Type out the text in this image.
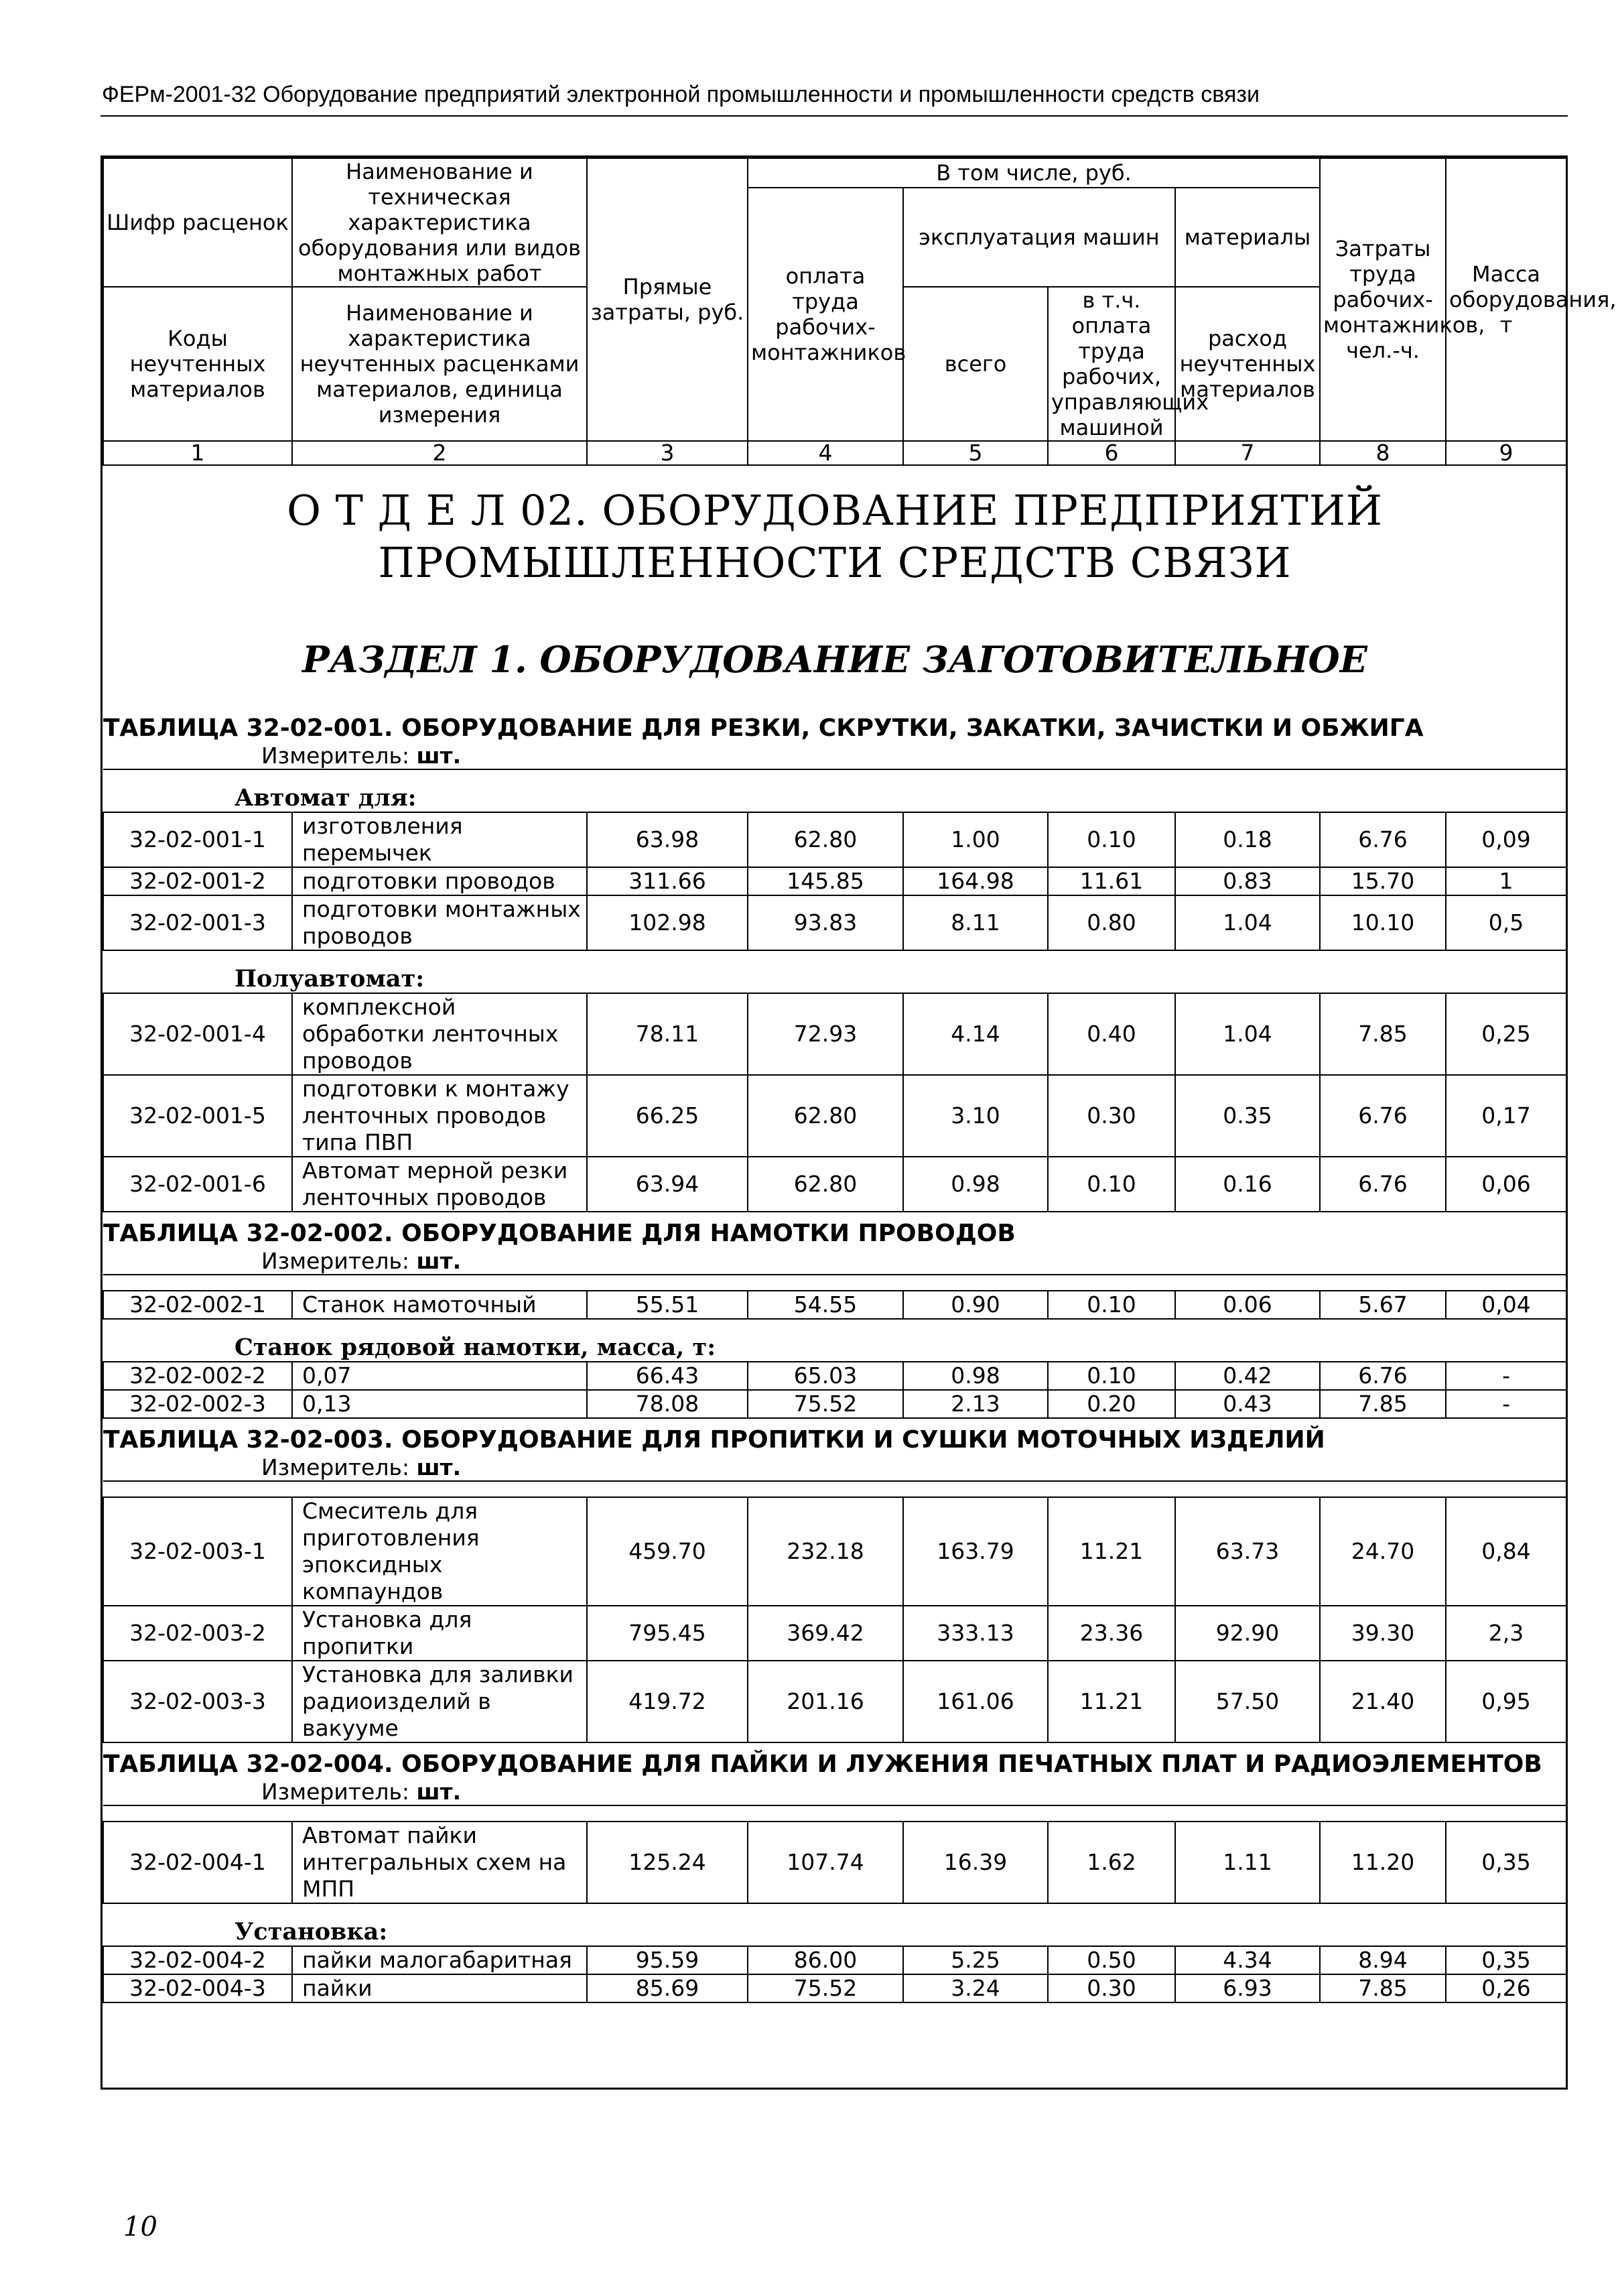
ФЕРм-2001-32 Оборудование предприятий электронной промышленности и промышленности средств связи
Шифр расценок	Наименование и техническая характеристика оборудования или видов монтажных работ	Прямые затраты, руб.	В том числе, руб.				Затраты труда рабочих-монтажников, чел.-ч.	Масса оборудования, т
			оплата труда рабочих-монтажников	эксплуатация машин		материалы		
Коды неучтенных материалов	Наименование и характеристика неучтенных расценками материалов, единица измерения			всего	в т.ч. оплата труда рабочих, управляющих машиной	расход неучтенных материалов		

1	2	3	4	5	6	7	8	9
О Т Д Е Л 02. ОБОРУДОВАНИЕ ПРЕДПРИЯТИЙ ПРОМЫШЛЕННОСТИ СРЕДСТВ СВЯЗИ								
РАЗДЕЛ 1. ОБОРУДОВАНИЕ ЗАГОТОВИТЕЛЬНОЕ								
ТАБЛИЦА 32-02-001. ОБОРУДОВАНИЕ ДЛЯ РЕЗКИ, СКРУТКИ, ЗАКАТКИ, ЗАЧИСТКИ И ОБЖИГА								
Измеритель: шт.								
Автомат для:								
32-02-001-1	изготовления перемычек	63.98	62.80	1.00	0.10	0.18	6.76	0,09
32-02-001-2	подготовки проводов	311.66	145.85	164.98	11.61	0.83	15.70	1
32-02-001-3	подготовки монтажных проводов	102.98	93.83	8.11	0.80	1.04	10.10	0,5
Полуавтомат:								
32-02-001-4	комплексной обработки ленточных проводов	78.11	72.93	4.14	0.40	1.04	7.85	0,25
32-02-001-5	подготовки к монтажу ленточных проводов типа ПВП	66.25	62.80	3.10	0.30	0.35	6.76	0,17
32-02-001-6	Автомат мерной резки ленточных проводов	63.94	62.80	0.98	0.10	0.16	6.76	0,06
ТАБЛИЦА 32-02-002. ОБОРУДОВАНИЕ ДЛЯ НАМОТКИ ПРОВОДОВ								
Измеритель: шт.								

32-02-002-1	Станок намоточный	55.51	54.55	0.90	0.10	0.06	5.67	0,04
Станок рядовой намотки, масса, т:								
32-02-002-2	0,07	66.43	65.03	0.98	0.10	0.42	6.76	-
32-02-002-3	0,13	78.08	75.52	2.13	0.20	0.43	7.85	-
ТАБЛИЦА 32-02-003. ОБОРУДОВАНИЕ ДЛЯ ПРОПИТКИ И СУШКИ МОТОЧНЫХ ИЗДЕЛИЙ								
Измеритель: шт.								

32-02-003-1	Смеситель для приготовления эпоксидных компаундов	459.70	232.18	163.79	11.21	63.73	24.70	0,84
32-02-003-2	Установка для пропитки	795.45	369.42	333.13	23.36	92.90	39.30	2,3
32-02-003-3	Установка для заливки радиоизделий в вакууме	419.72	201.16	161.06	11.21	57.50	21.40	0,95
ТАБЛИЦА 32-02-004. ОБОРУДОВАНИЕ ДЛЯ ПАЙКИ И ЛУЖЕНИЯ ПЕЧАТНЫХ ПЛАТ И РАДИОЭЛЕМЕНТОВ								
Измеритель: шт.								

32-02-004-1	Автомат пайки интегральных схем на МПП	125.24	107.74	16.39	1.62	1.11	11.20	0,35
Установка:								
32-02-004-2	пайки малогабаритная	95.59	86.00	5.25	0.50	4.34	8.94	0,35
32-02-004-3	пайки	85.69	75.52	3.24	0.30	6.93	7.85	0,26
10
